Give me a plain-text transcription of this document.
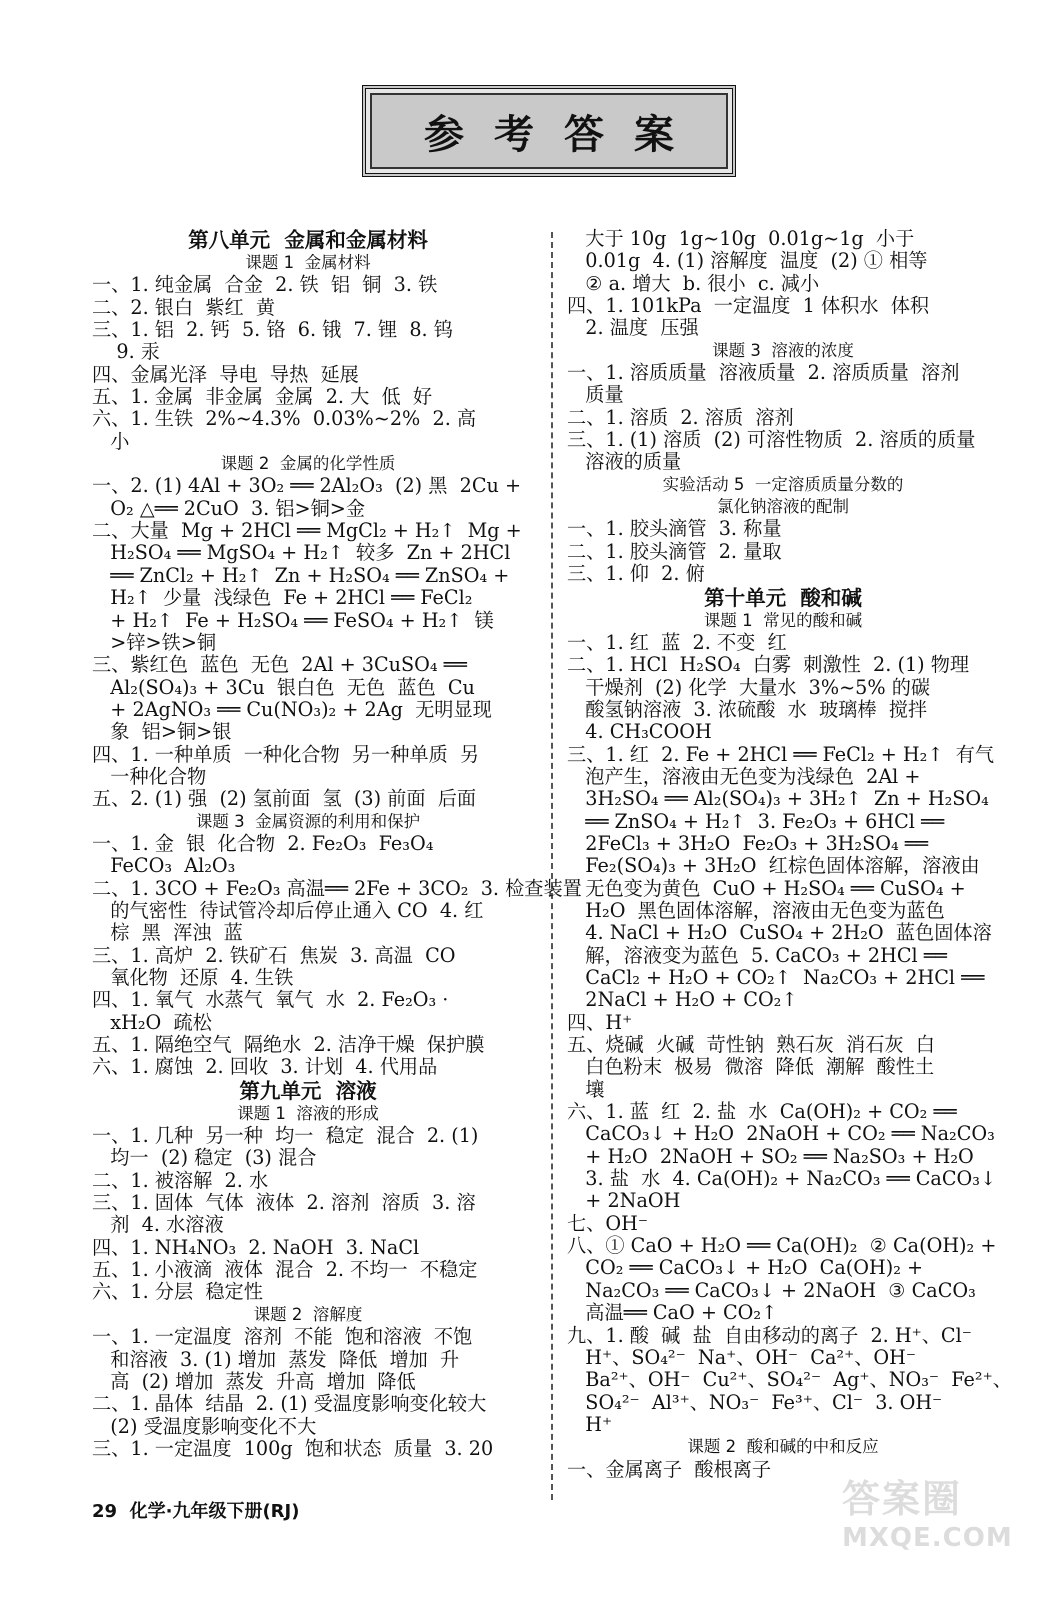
参考答案
第八单元  金属和金属材料
课题 1  金属材料
一、1. 纯金属  合金  2. 铁  铝  铜  3. 铁
二、2. 银白  紫红  黄
三、1. 铝  2. 钙  5. 铬  6. 锇  7. 锂  8. 钨
9. 汞
四、金属光泽  导电  导热  延展
五、1. 金属  非金属  金属  2. 大  低  好
六、1. 生铁  2%~4.3%  0.03%~2%  2. 高
小
课题 2  金属的化学性质
一、2. (1) 4Al + 3O₂ ══ 2Al₂O₃  (2) 黑  2Cu +
O₂ △══ 2CuO  3. 铝>铜>金
二、大量  Mg + 2HCl ══ MgCl₂ + H₂↑  Mg +
H₂SO₄ ══ MgSO₄ + H₂↑  较多  Zn + 2HCl
══ ZnCl₂ + H₂↑  Zn + H₂SO₄ ══ ZnSO₄ +
H₂↑  少量  浅绿色  Fe + 2HCl ══ FeCl₂
+ H₂↑  Fe + H₂SO₄ ══ FeSO₄ + H₂↑  镁
>锌>铁>铜
三、紫红色  蓝色  无色  2Al + 3CuSO₄ ══
Al₂(SO₄)₃ + 3Cu  银白色  无色  蓝色  Cu
+ 2AgNO₃ ══ Cu(NO₃)₂ + 2Ag  无明显现
象  铝>铜>银
四、1. 一种单质  一种化合物  另一种单质  另
一种化合物
五、2. (1) 强  (2) 氢前面  氢  (3) 前面  后面
课题 3  金属资源的利用和保护
一、1. 金  银  化合物  2. Fe₂O₃  Fe₃O₄
FeCO₃  Al₂O₃
二、1. 3CO + Fe₂O₃ 高温══ 2Fe + 3CO₂  3. 检查装置
的气密性  待试管冷却后停止通入 CO  4. 红
棕  黑  浑浊  蓝
三、1. 高炉  2. 铁矿石  焦炭  3. 高温  CO
氧化物  还原  4. 生铁
四、1. 氧气  水蒸气  氧气  水  2. Fe₂O₃ ·
xH₂O  疏松
五、1. 隔绝空气  隔绝水  2. 洁净干燥  保护膜
六、1. 腐蚀  2. 回收  3. 计划  4. 代用品
第九单元  溶液
课题 1  溶液的形成
一、1. 几种  另一种  均一  稳定  混合  2. (1)
均一  (2) 稳定  (3) 混合
二、1. 被溶解  2. 水
三、1. 固体  气体  液体  2. 溶剂  溶质  3. 溶
剂  4. 水溶液
四、1. NH₄NO₃  2. NaOH  3. NaCl
五、1. 小液滴  液体  混合  2. 不均一  不稳定
六、1. 分层  稳定性
课题 2  溶解度
一、1. 一定温度  溶剂  不能  饱和溶液  不饱
和溶液  3. (1) 增加  蒸发  降低  增加  升
高  (2) 增加  蒸发  升高  增加  降低
二、1. 晶体  结晶  2. (1) 受温度影响变化较大
(2) 受温度影响变化不大
三、1. 一定温度  100g  饱和状态  质量  3. 20
大于 10g  1g~10g  0.01g~1g  小于
0.01g  4. (1) 溶解度  温度  (2) ① 相等
② a. 增大  b. 很小  c. 减小
四、1. 101kPa  一定温度  1 体积水  体积
2. 温度  压强
课题 3  溶液的浓度
一、1. 溶质质量  溶液质量  2. 溶质质量  溶剂
质量
二、1. 溶质  2. 溶质  溶剂
三、1. (1) 溶质  (2) 可溶性物质  2. 溶质的质量
溶液的质量
实验活动 5  一定溶质质量分数的
氯化钠溶液的配制
一、1. 胶头滴管  3. 称量
二、1. 胶头滴管  2. 量取
三、1. 仰  2. 俯
第十单元  酸和碱
课题 1  常见的酸和碱
一、1. 红  蓝  2. 不变  红
二、1. HCl  H₂SO₄  白雾  刺激性  2. (1) 物理
干燥剂  (2) 化学  大量水  3%~5% 的碳
酸氢钠溶液  3. 浓硫酸  水  玻璃棒  搅拌
4. CH₃COOH
三、1. 红  2. Fe + 2HCl ══ FeCl₂ + H₂↑  有气
泡产生，溶液由无色变为浅绿色  2Al +
3H₂SO₄ ══ Al₂(SO₄)₃ + 3H₂↑  Zn + H₂SO₄
══ ZnSO₄ + H₂↑  3. Fe₂O₃ + 6HCl ══
2FeCl₃ + 3H₂O  Fe₂O₃ + 3H₂SO₄ ══
Fe₂(SO₄)₃ + 3H₂O  红棕色固体溶解，溶液由
无色变为黄色  CuO + H₂SO₄ ══ CuSO₄ +
H₂O  黑色固体溶解，溶液由无色变为蓝色
4. NaCl + H₂O  CuSO₄ + 2H₂O  蓝色固体溶
解，溶液变为蓝色  5. CaCO₃ + 2HCl ══
CaCl₂ + H₂O + CO₂↑  Na₂CO₃ + 2HCl ══
2NaCl + H₂O + CO₂↑
四、H⁺
五、烧碱  火碱  苛性钠  熟石灰  消石灰  白
白色粉末  极易  微溶  降低  潮解  酸性土
壤
六、1. 蓝  红  2. 盐  水  Ca(OH)₂ + CO₂ ══
CaCO₃↓ + H₂O  2NaOH + CO₂ ══ Na₂CO₃
+ H₂O  2NaOH + SO₂ ══ Na₂SO₃ + H₂O
3. 盐  水  4. Ca(OH)₂ + Na₂CO₃ ══ CaCO₃↓
+ 2NaOH
七、OH⁻
八、① CaO + H₂O ══ Ca(OH)₂  ② Ca(OH)₂ +
CO₂ ══ CaCO₃↓ + H₂O  Ca(OH)₂ +
Na₂CO₃ ══ CaCO₃↓ + 2NaOH  ③ CaCO₃
高温══ CaO + CO₂↑
九、1. 酸  碱  盐  自由移动的离子  2. H⁺、Cl⁻
H⁺、SO₄²⁻  Na⁺、OH⁻  Ca²⁺、OH⁻
Ba²⁺、OH⁻  Cu²⁺、SO₄²⁻  Ag⁺、NO₃⁻  Fe²⁺、
SO₄²⁻  Al³⁺、NO₃⁻  Fe³⁺、Cl⁻  3. OH⁻
H⁺
课题 2  酸和碱的中和反应
一、金属离子  酸根离子
29 化学·九年级下册(RJ)	答案圈
MXQE.COM
